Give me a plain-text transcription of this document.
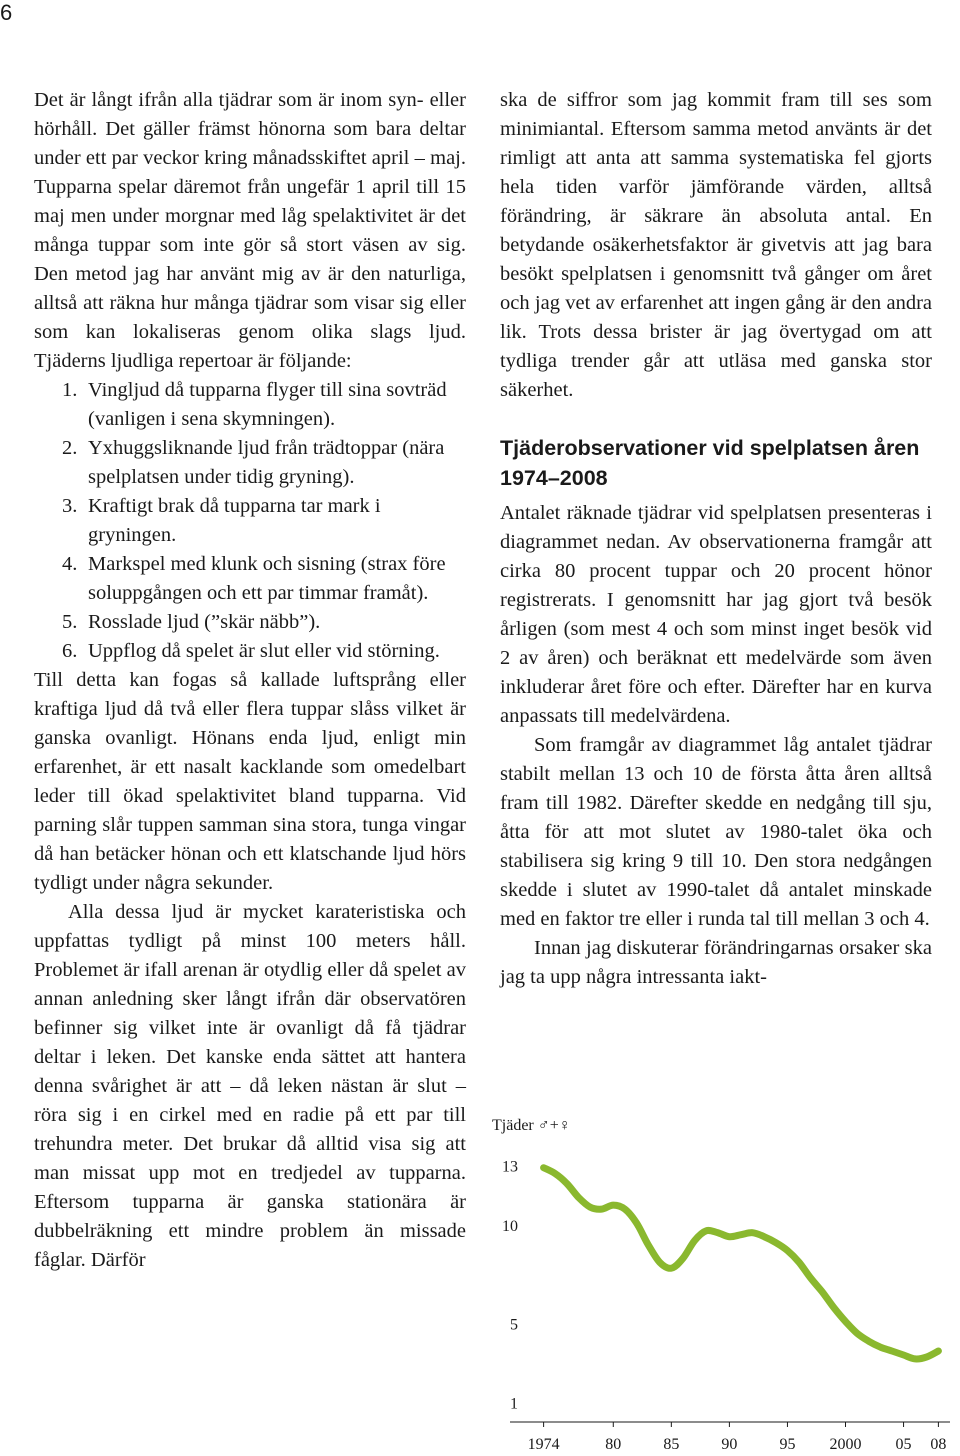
6

Det är långt ifrån alla tjädrar som är inom syn- eller hörhåll. Det gäller främst hönorna som bara deltar under ett par veckor kring månadsskiftet april – maj. Tupparna spelar däremot från ungefär 1 april till 15 maj men under morgnar med låg spelaktivitet är det många tuppar som inte gör så stort väsen av sig. Den metod jag har använt mig av är den naturliga, alltså att räkna hur många tjädrar som visar sig eller som kan lokaliseras genom olika slags ljud. Tjäderns ljudliga repertoar är följande:

1. Vingljud då tupparna flyger till sina sovträd (vanligen i sena skymningen).
2. Yxhuggsliknande ljud från trädtoppar (nära spelplatsen under tidig gryning).
3. Kraftigt brak då tupparna tar mark i gryningen.
4. Markspel med klunk och sisning (strax före soluppgången och ett par timmar framåt).
5. Rosslade ljud (”skär näbb”).
6. Uppflog då spelet är slut eller vid störning.

Till detta kan fogas så kallade luftsprång eller kraftiga ljud då två eller flera tuppar slåss vilket är ganska ovanligt. Hönans enda ljud, enligt min erfarenhet, är ett nasalt kacklande som omedelbart leder till ökad spelaktivitet bland tupparna. Vid parning slår tuppen samman sina stora, tunga vingar då han betäcker hönan och ett klatschande ljud hörs tydligt under några sekunder.

Alla dessa ljud är mycket karateristiska och uppfattas tydligt på minst 100 meters håll. Problemet är ifall arenan är otydlig eller då spelet av annan anledning sker långt ifrån där observatören befinner sig vilket inte är ovanligt då få tjädrar deltar i leken. Det kanske enda sättet att hantera denna svårighet är att – då leken nästan är slut – röra sig i en cirkel med en radie på ett par till trehundra meter. Det brukar då alltid visa sig att man missat upp mot en tredjedel av tupparna. Eftersom tupparna är ganska stationära är dubbelräkning ett mindre problem än missade fåglar. Därför

ska de siffror som jag kommit fram till ses som minimiantal. Eftersom samma metod använts är det rimligt att anta att samma systematiska fel gjorts hela tiden varför jämförande värden, alltså förändring, är säkrare än absoluta antal. En betydande osäkerhetsfaktor är givetvis att jag bara besökt spelplatsen i genomsnitt två gånger om året och jag vet av erfarenhet att ingen gång är den andra lik. Trots dessa brister är jag övertygad om att tydliga trender går att utläsa med ganska stor säkerhet.

Tjäderobservationer vid spelplatsen åren 1974–2008

Antalet räknade tjädrar vid spelplatsen presenteras i diagrammet nedan. Av observationerna framgår att cirka 80 procent tuppar och 20 procent hönor registrerats. I genomsnitt har jag gjort två besök årligen (som mest 4 och som minst inget besök vid 2 av åren) och beräknat ett medelvärde som även inkluderar året före och efter. Därefter har en kurva anpassats till medelvärdena.

Som framgår av diagrammet låg antalet tjädrar stabilt mellan 13 och 10 de första åtta åren alltså fram till 1982. Därefter skedde en nedgång till sju, åtta för att mot slutet av 1980-talet öka och stabilisera sig kring 9 till 10. Den stora nedgången skedde i slutet av 1990-talet då antalet minskade med en faktor tre eller i runda tal till mellan 3 och 4.

Innan jag diskuterar förändringarnas orsaker ska jag ta upp några intressanta iakt-

Tjäder ♂+♀
13
10
5
1
1974	80	85	90	95 2000 05 08
